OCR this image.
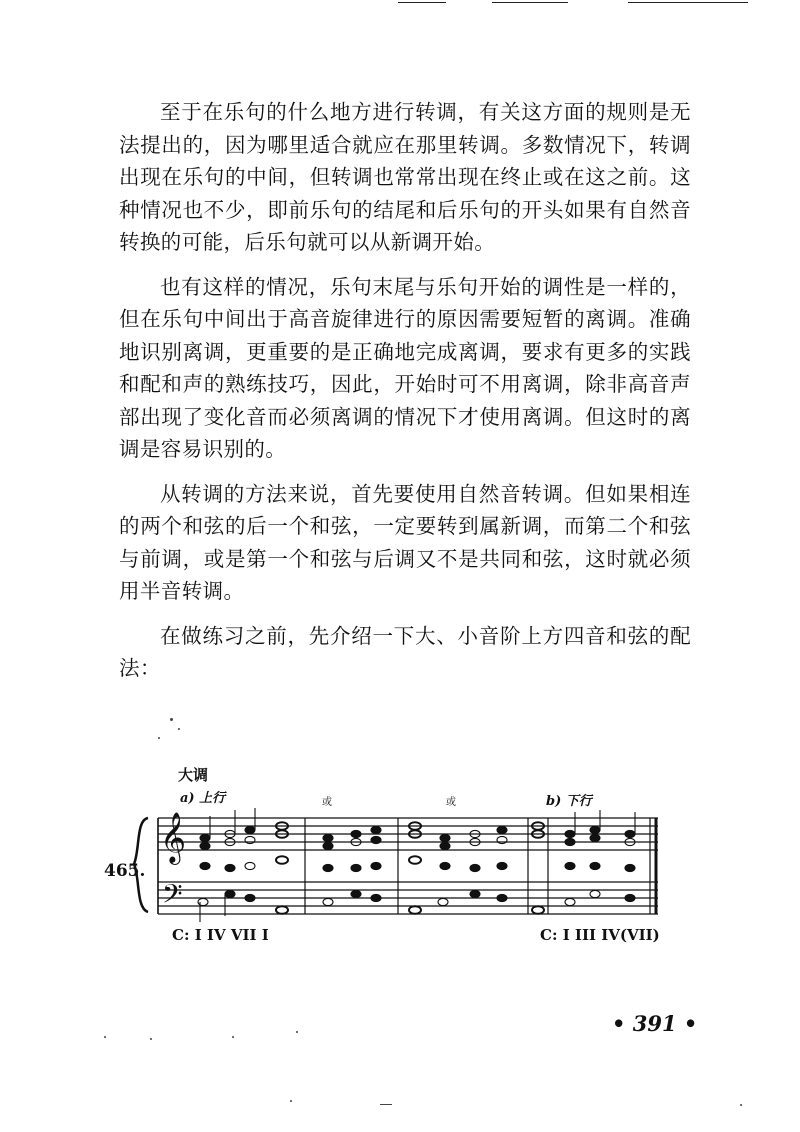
至于在乐句的什么地方进行转调，有关这方面的规则是无法提出的，因为哪里适合就应在那里转调。多数情况下，转调出现在乐句的中间，但转调也常常出现在终止或在这之前。这种情况也不少，即前乐句的结尾和后乐句的开头如果有自然音转换的可能，后乐句就可以从新调开始。

也有这样的情况，乐句末尾与乐句开始的调性是一样的，但在乐句中间出于高音旋律进行的原因需要短暂的离调。准确地识别离调，更重要的是正确地完成离调，要求有更多的实践和配和声的熟练技巧，因此，开始时可不用离调，除非高音声部出现了变化音而必须离调的情况下才使用离调。但这时的离调是容易识别的。

从转调的方法来说，首先要使用自然音转调。但如果相连的两个和弦的后一个和弦，一定要转到属新调，而第二个和弦与前调，或是第一个和弦与后调又不是共同和弦，这时就必须用半音转调。

在做练习之前，先介绍一下大、小音阶上方四音和弦的配法：

大调
a) 上行	b) 下行
或	或
465.
C: I IV VII I	C: I III IV(VII)
𝄞
𝄢
• 391 •
